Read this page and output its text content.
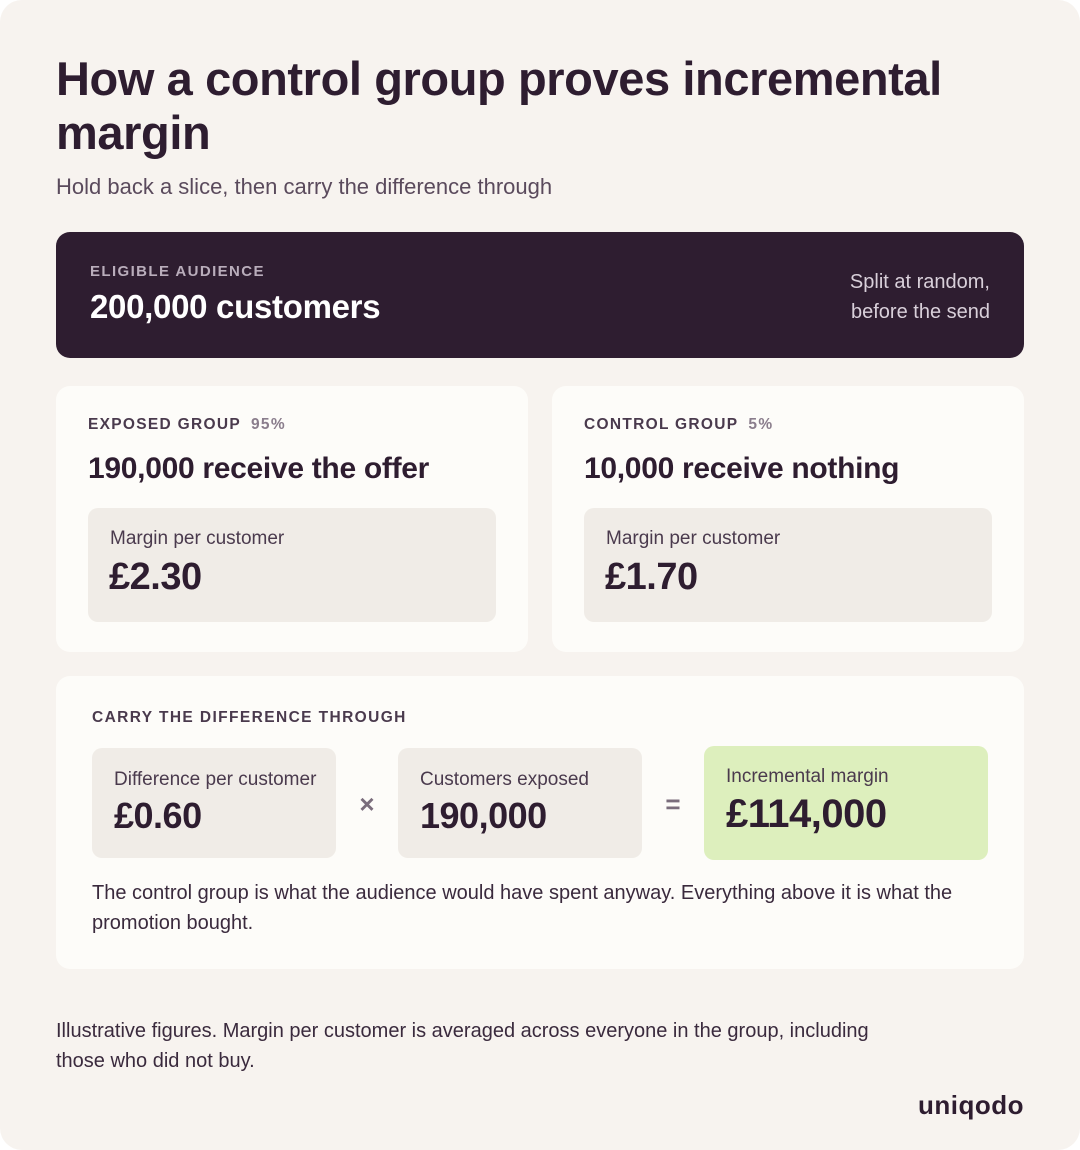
How a control group proves incremental margin
Hold back a slice, then carry the difference through
ELIGIBLE AUDIENCE
200,000 customers
Split at random, before the send
EXPOSED GROUP 95%
190,000 receive the offer
Margin per customer
£2.30
CONTROL GROUP 5%
10,000 receive nothing
Margin per customer
£1.70
CARRY THE DIFFERENCE THROUGH
Difference per customer
£0.60	×
Customers exposed
190,000	=
Incremental margin
£114,000
The control group is what the audience would have spent anyway. Everything above it is what the promotion bought.
Illustrative figures. Margin per customer is averaged across everyone in the group, including those who did not buy.
uniqodo
